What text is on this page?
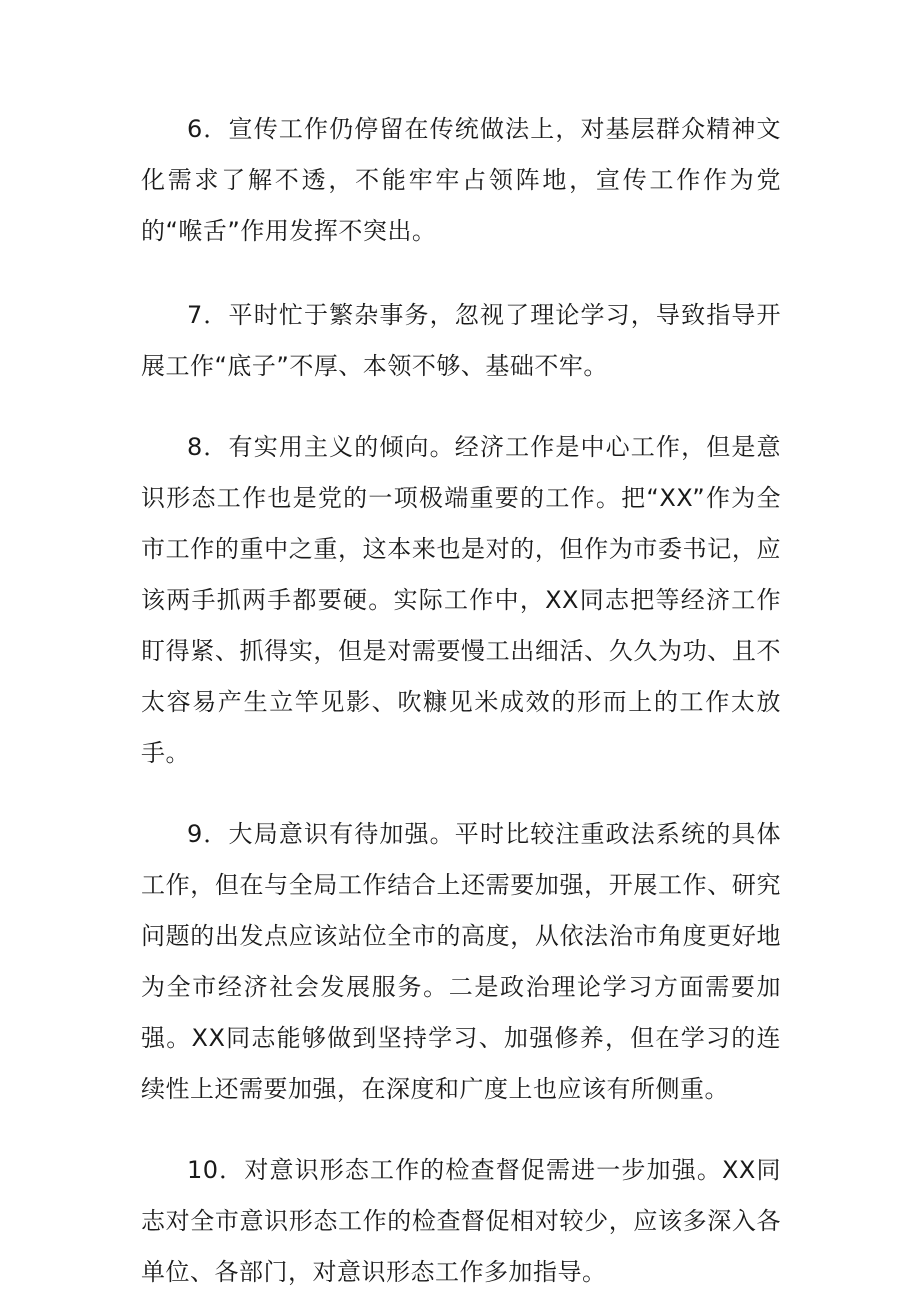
6．宣传工作仍停留在传统做法上，对基层群众精神文化需求了解不透，不能牢牢占领阵地，宣传工作作为党的“喉舌”作用发挥不突出。

7．平时忙于繁杂事务，忽视了理论学习，导致指导开展工作“底子”不厚、本领不够、基础不牢。

8．有实用主义的倾向。经济工作是中心工作，但是意识形态工作也是党的一项极端重要的工作。把“XX”作为全市工作的重中之重，这本来也是对的，但作为市委书记，应该两手抓两手都要硬。实际工作中，XX同志把等经济工作盯得紧、抓得实，但是对需要慢工出细活、久久为功、且不太容易产生立竿见影、吹糠见米成效的形而上的工作太放手。

9．大局意识有待加强。平时比较注重政法系统的具体工作，但在与全局工作结合上还需要加强，开展工作、研究问题的出发点应该站位全市的高度，从依法治市角度更好地为全市经济社会发展服务。二是政治理论学习方面需要加强。XX同志能够做到坚持学习、加强修养，但在学习的连续性上还需要加强，在深度和广度上也应该有所侧重。

10．对意识形态工作的检查督促需进一步加强。XX同志对全市意识形态工作的检查督促相对较少，应该多深入各单位、各部门，对意识形态工作多加指导。
